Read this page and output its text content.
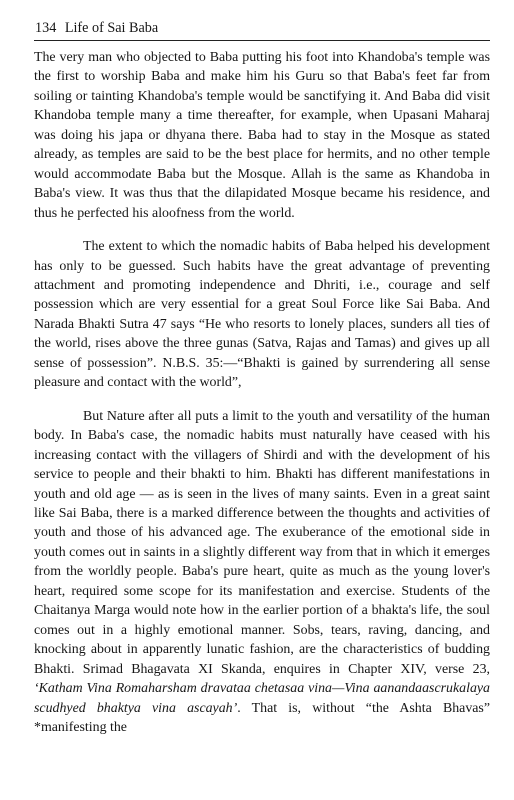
134 Life of Sai Baba

The very man who objected to Baba putting his foot into Khandoba's temple was the first to worship Baba and make him his Guru so that Baba's feet far from soiling or tainting Khandoba's temple would be sanctifying it. And Baba did visit Khandoba temple many a time thereafter, for example, when Upasani Maharaj was doing his japa or dhyana there. Baba had to stay in the Mosque as stated already, as temples are said to be the best place for hermits, and no other temple would accommodate Baba but the Mosque. Allah is the same as Khandoba in Baba's view. It was thus that the dilapidated Mosque became his residence, and thus he perfected his aloofness from the world.

The extent to which the nomadic habits of Baba helped his development has only to be guessed. Such habits have the great advantage of preventing attachment and promoting independence and Dhriti, i.e., courage and self possession which are very essential for a great Soul Force like Sai Baba. And Narada Bhakti Sutra 47 says “He who resorts to lonely places, sunders all ties of the world, rises above the three gunas (Satva, Rajas and Tamas) and gives up all sense of possession”. N.B.S. 35:—“Bhakti is gained by surrendering all sense pleasure and contact with the world”,

But Nature after all puts a limit to the youth and versatility of the human body. In Baba's case, the nomadic habits must naturally have ceased with his increasing contact with the villagers of Shirdi and with the development of his service to people and their bhakti to him. Bhakti has different manifestations in youth and old age — as is seen in the lives of many saints. Even in a great saint like Sai Baba, there is a marked difference between the thoughts and activities of youth and those of his advanced age. The exuberance of the emotional side in youth comes out in saints in a slightly different way from that in which it emerges from the worldly people. Baba's pure heart, quite as much as the young lover's heart, required some scope for its manifestation and exercise. Students of the Chaitanya Marga would note how in the earlier portion of a bhakta's life, the soul comes out in a highly emotional manner. Sobs, tears, raving, dancing, and knocking about in apparently lunatic fashion, are the characteristics of budding Bhakti. Srimad Bhagavata XI Skanda, enquires in Chapter XIV, verse 23, ‘Katham Vina Romaharsham dravataa chetasaa vina—Vina aanandaascrukalaya scudhyed bhaktya vina ascayah’. That is, without “the Ashta Bhavas” *manifesting the
